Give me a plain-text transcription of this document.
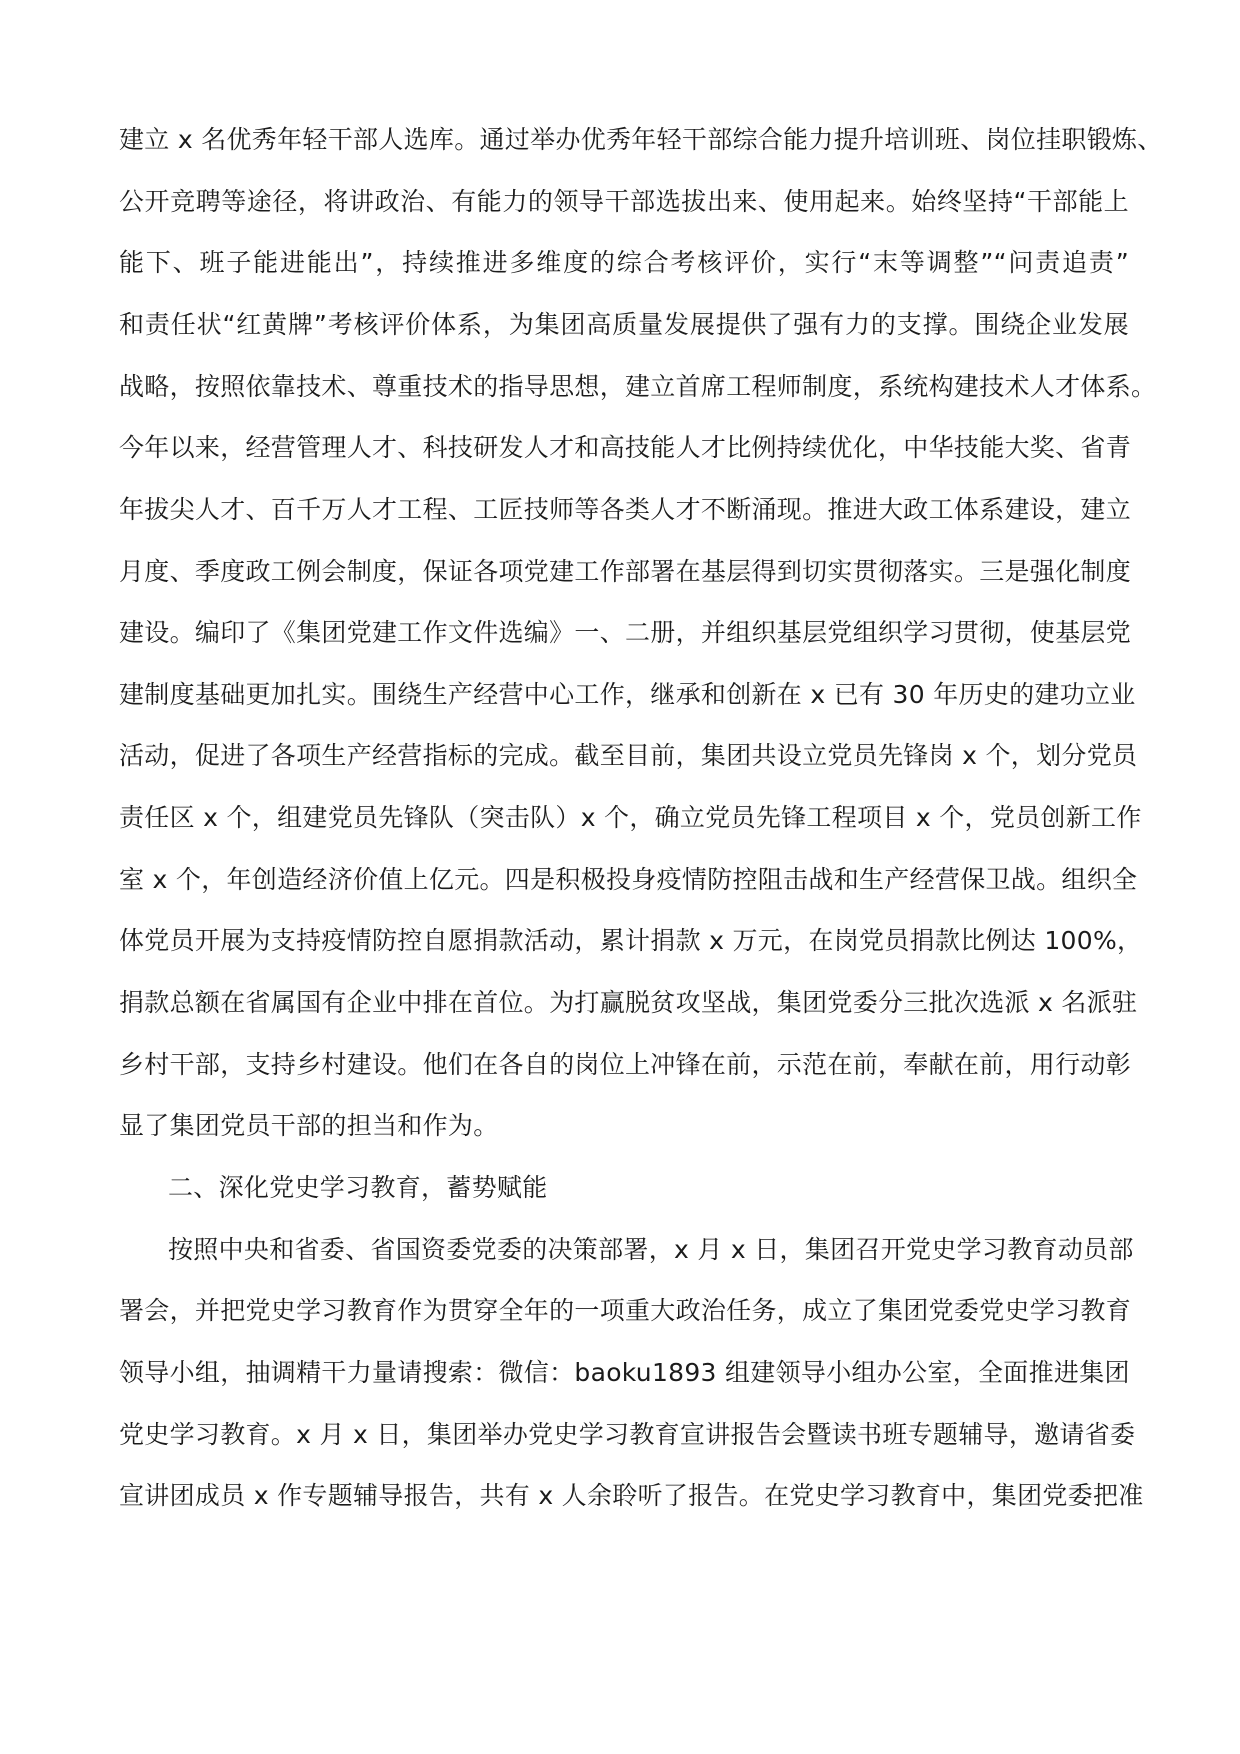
建立 x 名优秀年轻干部人选库。通过举办优秀年轻干部综合能力提升培训班、岗位挂职锻炼、
公开竞聘等途径，将讲政治、有能力的领导干部选拔出来、使用起来。始终坚持“干部能上
能下、班子能进能出”，持续推进多维度的综合考核评价，实行“末等调整”“问责追责”
和责任状“红黄牌”考核评价体系，为集团高质量发展提供了强有力的支撑。围绕企业发展
战略，按照依靠技术、尊重技术的指导思想，建立首席工程师制度，系统构建技术人才体系。
今年以来，经营管理人才、科技研发人才和高技能人才比例持续优化，中华技能大奖、省青
年拔尖人才、百千万人才工程、工匠技师等各类人才不断涌现。推进大政工体系建设，建立
月度、季度政工例会制度，保证各项党建工作部署在基层得到切实贯彻落实。三是强化制度
建设。编印了《集团党建工作文件选编》一、二册，并组织基层党组织学习贯彻，使基层党
建制度基础更加扎实。围绕生产经营中心工作，继承和创新在 x 已有 30 年历史的建功立业
活动，促进了各项生产经营指标的完成。截至目前，集团共设立党员先锋岗 x 个，划分党员
责任区 x 个，组建党员先锋队（突击队）x 个，确立党员先锋工程项目 x 个，党员创新工作
室 x 个，年创造经济价值上亿元。四是积极投身疫情防控阻击战和生产经营保卫战。组织全
体党员开展为支持疫情防控自愿捐款活动，累计捐款 x 万元，在岗党员捐款比例达 100%，
捐款总额在省属国有企业中排在首位。为打赢脱贫攻坚战，集团党委分三批次选派 x 名派驻
乡村干部，支持乡村建设。他们在各自的岗位上冲锋在前，示范在前，奉献在前，用行动彰
显了集团党员干部的担当和作为。
二、深化党史学习教育，蓄势赋能
按照中央和省委、省国资委党委的决策部署，x 月 x 日，集团召开党史学习教育动员部
署会，并把党史学习教育作为贯穿全年的一项重大政治任务，成立了集团党委党史学习教育
领导小组，抽调精干力量请搜索：微信：baoku1893 组建领导小组办公室，全面推进集团
党史学习教育。x 月 x 日，集团举办党史学习教育宣讲报告会暨读书班专题辅导，邀请省委
宣讲团成员 x 作专题辅导报告，共有 x 人余聆听了报告。在党史学习教育中，集团党委把准
